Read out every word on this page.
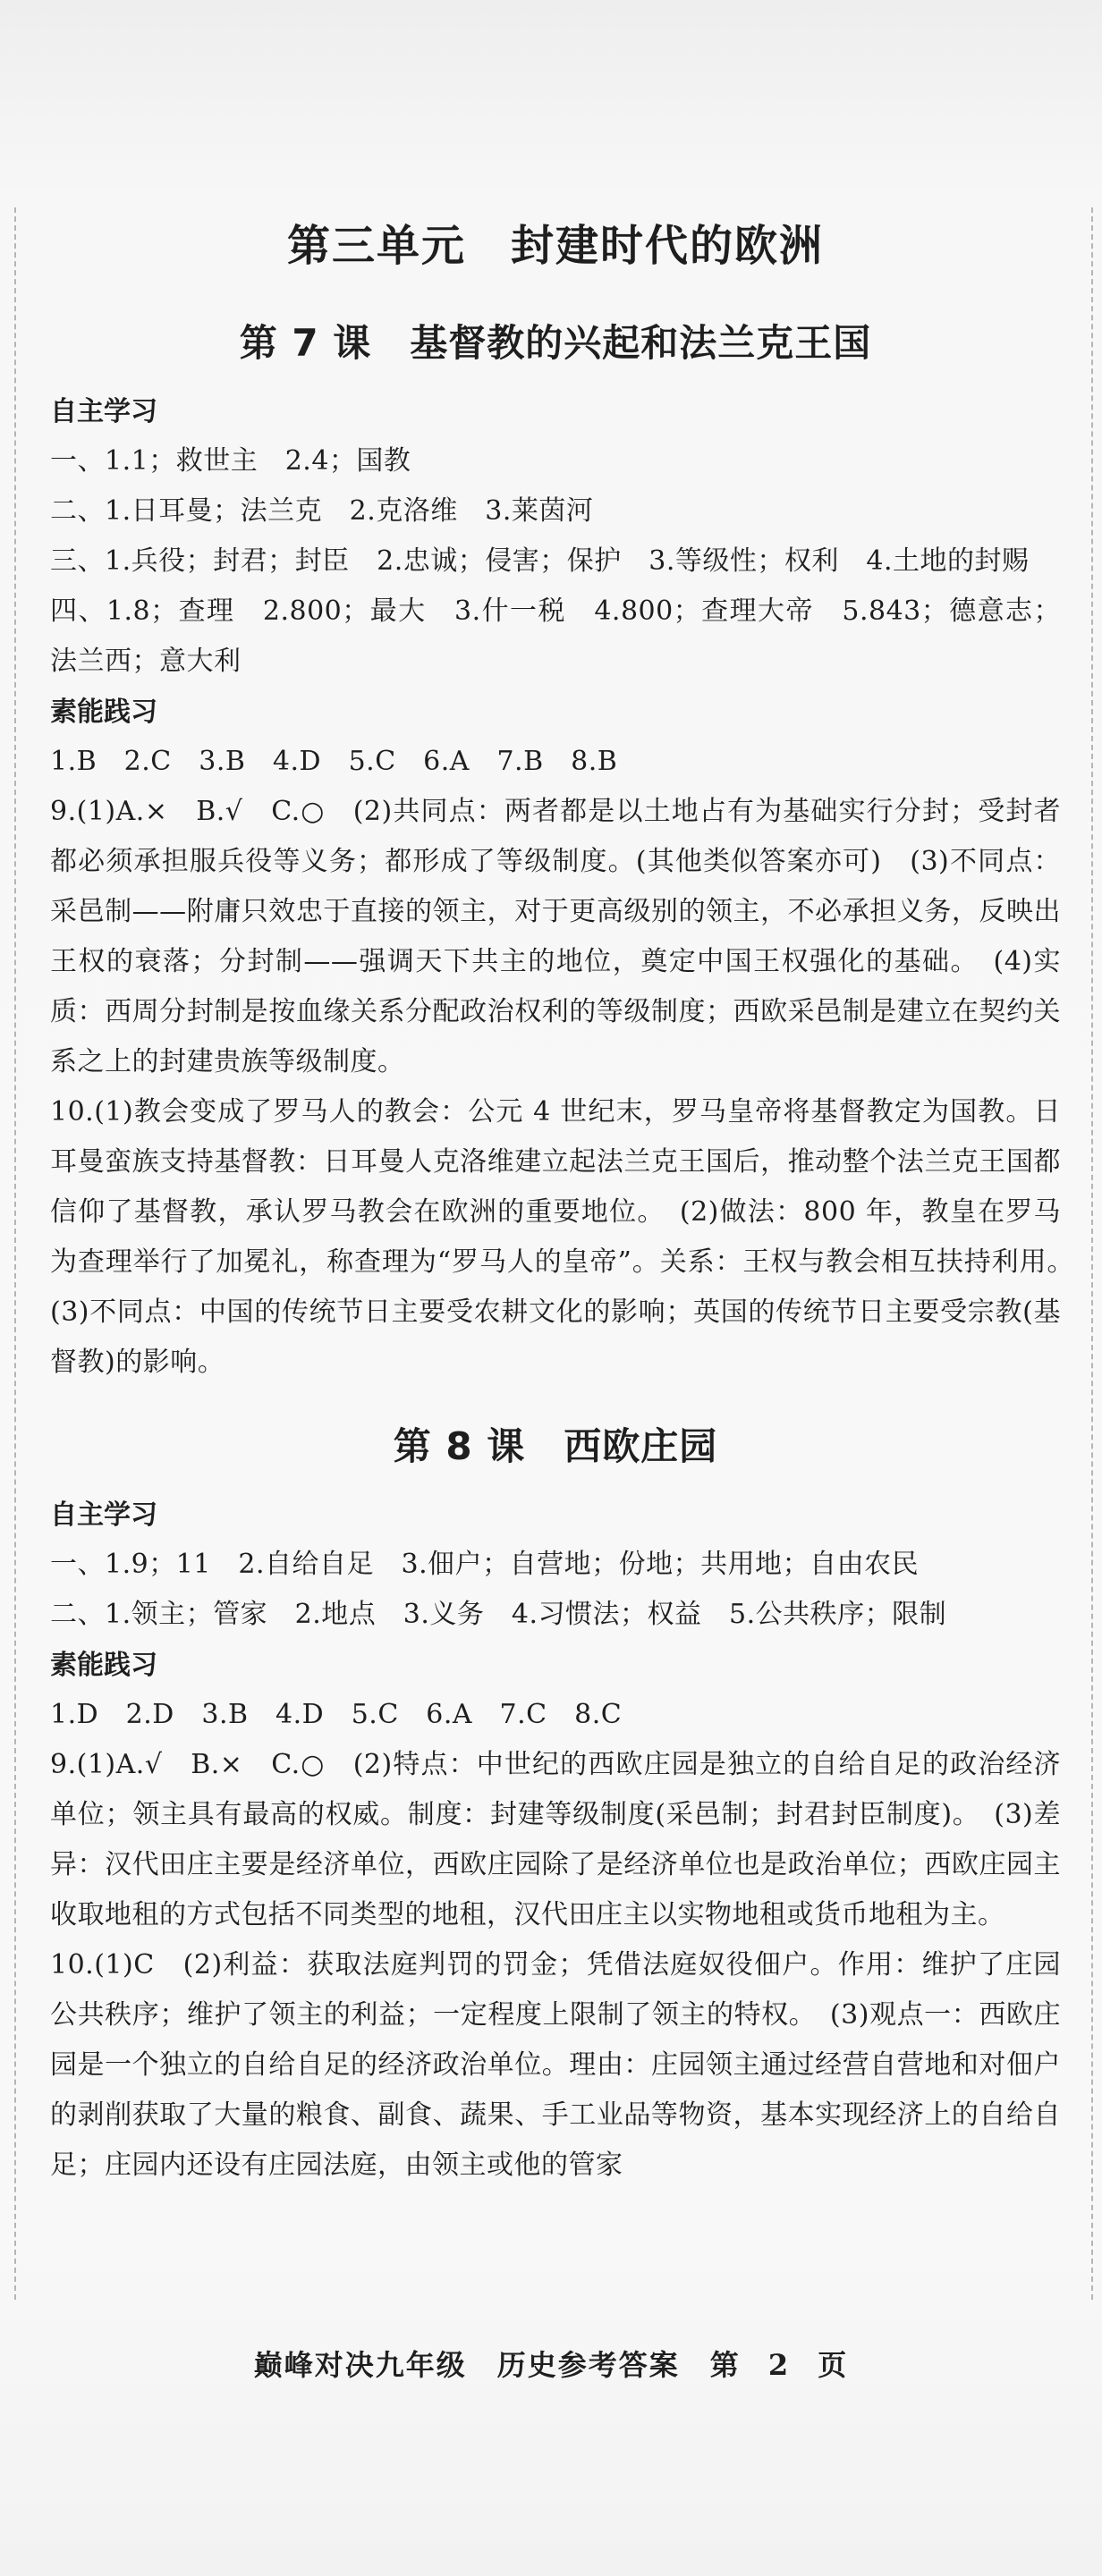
第三单元　封建时代的欧洲
第 7 课　基督教的兴起和法兰克王国
自主学习
一、1.1；救世主　2.4；国教
二、1.日耳曼；法兰克　2.克洛维　3.莱茵河
三、1.兵役；封君；封臣　2.忠诚；侵害；保护　3.等级性；权利　4.土地的封赐
四、1.8；查理　2.800；最大　3.什一税　4.800；查理大帝　5.843；德意志；法兰西；意大利
素能践习
1.B　2.C　3.B　4.D　5.C　6.A　7.B　8.B
9.(1)A.×　B.√　C.○　(2)共同点：两者都是以土地占有为基础实行分封；受封者都必须承担服兵役等义务；都形成了等级制度。(其他类似答案亦可)　(3)不同点：采邑制——附庸只效忠于直接的领主，对于更高级别的领主，不必承担义务，反映出王权的衰落；分封制——强调天下共主的地位，奠定中国王权强化的基础。　(4)实质：西周分封制是按血缘关系分配政治权利的等级制度；西欧采邑制是建立在契约关系之上的封建贵族等级制度。
10.(1)教会变成了罗马人的教会：公元 4 世纪末，罗马皇帝将基督教定为国教。日耳曼蛮族支持基督教：日耳曼人克洛维建立起法兰克王国后，推动整个法兰克王国都信仰了基督教，承认罗马教会在欧洲的重要地位。　(2)做法：800 年，教皇在罗马为查理举行了加冕礼，称查理为“罗马人的皇帝”。关系：王权与教会相互扶持利用。　(3)不同点：中国的传统节日主要受农耕文化的影响；英国的传统节日主要受宗教(基督教)的影响。
第 8 课　西欧庄园
自主学习
一、1.9；11　2.自给自足　3.佃户；自营地；份地；共用地；自由农民
二、1.领主；管家　2.地点　3.义务　4.习惯法；权益　5.公共秩序；限制
素能践习
1.D　2.D　3.B　4.D　5.C　6.A　7.C　8.C
9.(1)A.√　B.×　C.○　(2)特点：中世纪的西欧庄园是独立的自给自足的政治经济单位；领主具有最高的权威。制度：封建等级制度(采邑制；封君封臣制度)。　(3)差异：汉代田庄主要是经济单位，西欧庄园除了是经济单位也是政治单位；西欧庄园主收取地租的方式包括不同类型的地租，汉代田庄主以实物地租或货币地租为主。
10.(1)C　(2)利益：获取法庭判罚的罚金；凭借法庭奴役佃户。作用：维护了庄园公共秩序；维护了领主的利益；一定程度上限制了领主的特权。　(3)观点一：西欧庄园是一个独立的自给自足的经济政治单位。理由：庄园领主通过经营自营地和对佃户的剥削获取了大量的粮食、副食、蔬果、手工业品等物资，基本实现经济上的自给自足；庄园内还设有庄园法庭，由领主或他的管家
巅峰对决九年级　历史参考答案　第 2 页
